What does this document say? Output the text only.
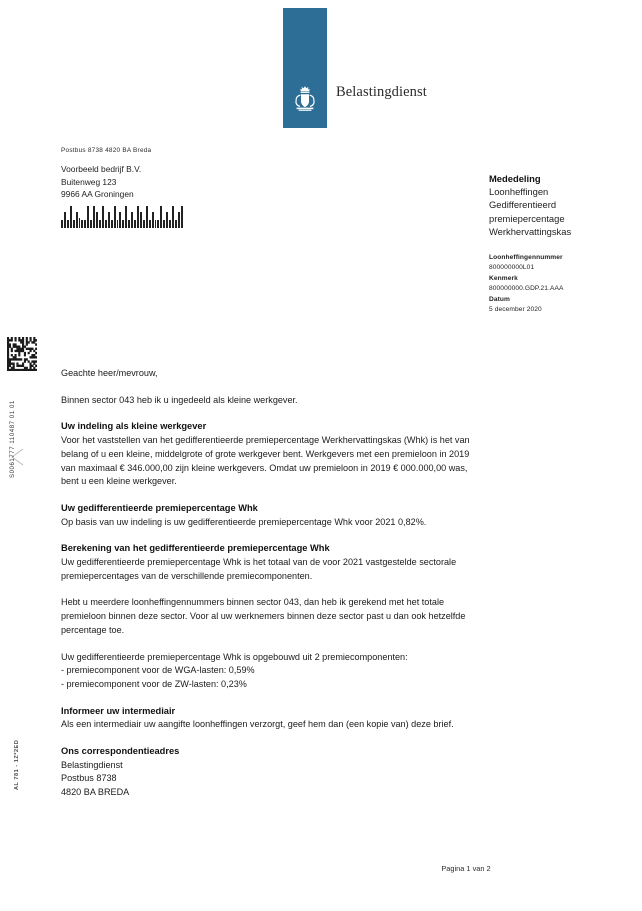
Belastingdienst
Postbus 8738 4820 BA Breda
Voorbeeld bedrijf B.V.
Buitenweg 123
9966 AA Groningen
Mededeling
Loonheffingen
Gedifferentieerd
premiepercentage
Werkhervattingskas
Loonheffingennummer
800000000L01
Kenmerk
800000000.GDP.21.AAA
Datum
5 december 2020
S0061777 110487 01 01
AL 781 - 1Z*2ED

Geachte heer/mevrouw,

Binnen sector 043 heb ik u ingedeeld als kleine werkgever.

Uw indeling als kleine werkgever

Voor het vaststellen van het gedifferentieerde premiepercentage Werkhervattingskas (Whk) is het van belang of u een kleine, middelgrote of grote werkgever bent. Werkgevers met een premieloon in 2019 van maximaal € 346.000,00 zijn kleine werkgevers. Omdat uw premieloon in 2019 € 000.000,00 was, bent u een kleine werkgever.

Uw gedifferentieerde premiepercentage Whk

Op basis van uw indeling is uw gedifferentieerde premiepercentage Whk voor 2021 0,82%.

Berekening van het gedifferentieerde premiepercentage Whk

Uw gedifferentieerde premiepercentage Whk is het totaal van de voor 2021 vastgestelde sectorale premiepercentages van de verschillende premiecomponenten.

Hebt u meerdere loonheffingennummers binnen sector 043, dan heb ik gerekend met het totale premieloon binnen deze sector. Voor al uw werknemers binnen deze sector past u dan ook hetzelfde percentage toe.

Uw gedifferentieerde premiepercentage Whk is opgebouwd uit 2 premiecomponenten:

- premiecomponent voor de WGA-lasten: 0,59%
- premiecomponent voor de ZW-lasten: 0,23%
Informeer uw intermediair

Als een intermediair uw aangifte loonheffingen verzorgt, geef hem dan (een kopie van) deze brief.

Ons correspondentieadres
Belastingdienst
Postbus 8738
4820 BA BREDA
Pagina 1 van 2
